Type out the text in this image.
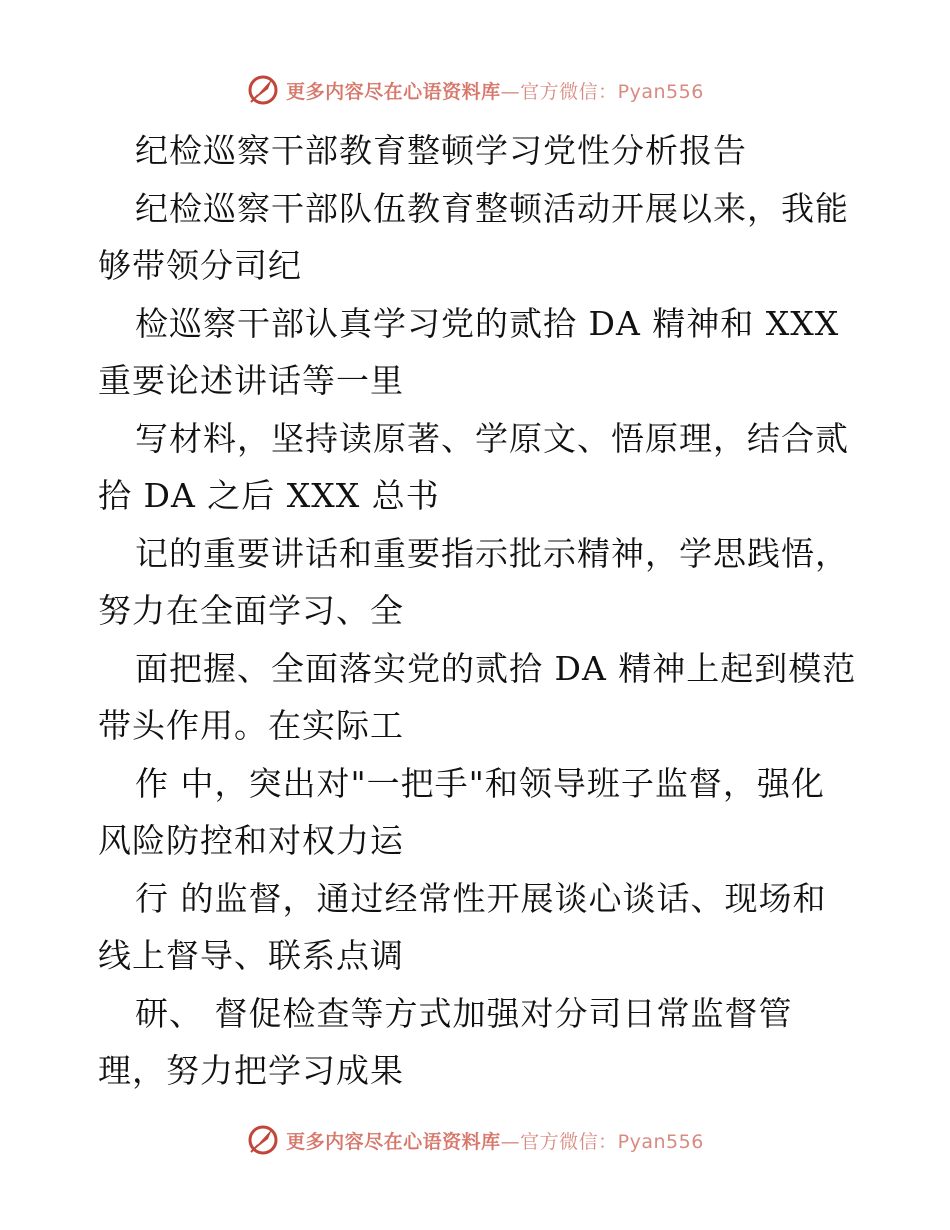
更多内容尽在心语资料库—官方微信：Pyan556
纪检巡察干部教育整顿学习党性分析报告
纪检巡察干部队伍教育整顿活动开展以来，我能
够带领分司纪
检巡察干部认真学习党的贰拾 DA 精神和 XXX
重要论述讲话等一里
写材料，坚持读原著、学原文、悟原理，结合贰
拾 DA 之后 XXX 总书
记的重要讲话和重要指示批示精神，学思践悟，
努力在全面学习、全
面把握、全面落实党的贰拾 DA 精神上起到模范
带头作用。在实际工
作 中，突出对"一把手"和领导班子监督，强化
风险防控和对权力运
行 的监督，通过经常性开展谈心谈话、现场和
线上督导、联系点调
研、 督促检查等方式加强对分司日常监督管
理，努力把学习成果
更多内容尽在心语资料库—官方微信：Pyan556
